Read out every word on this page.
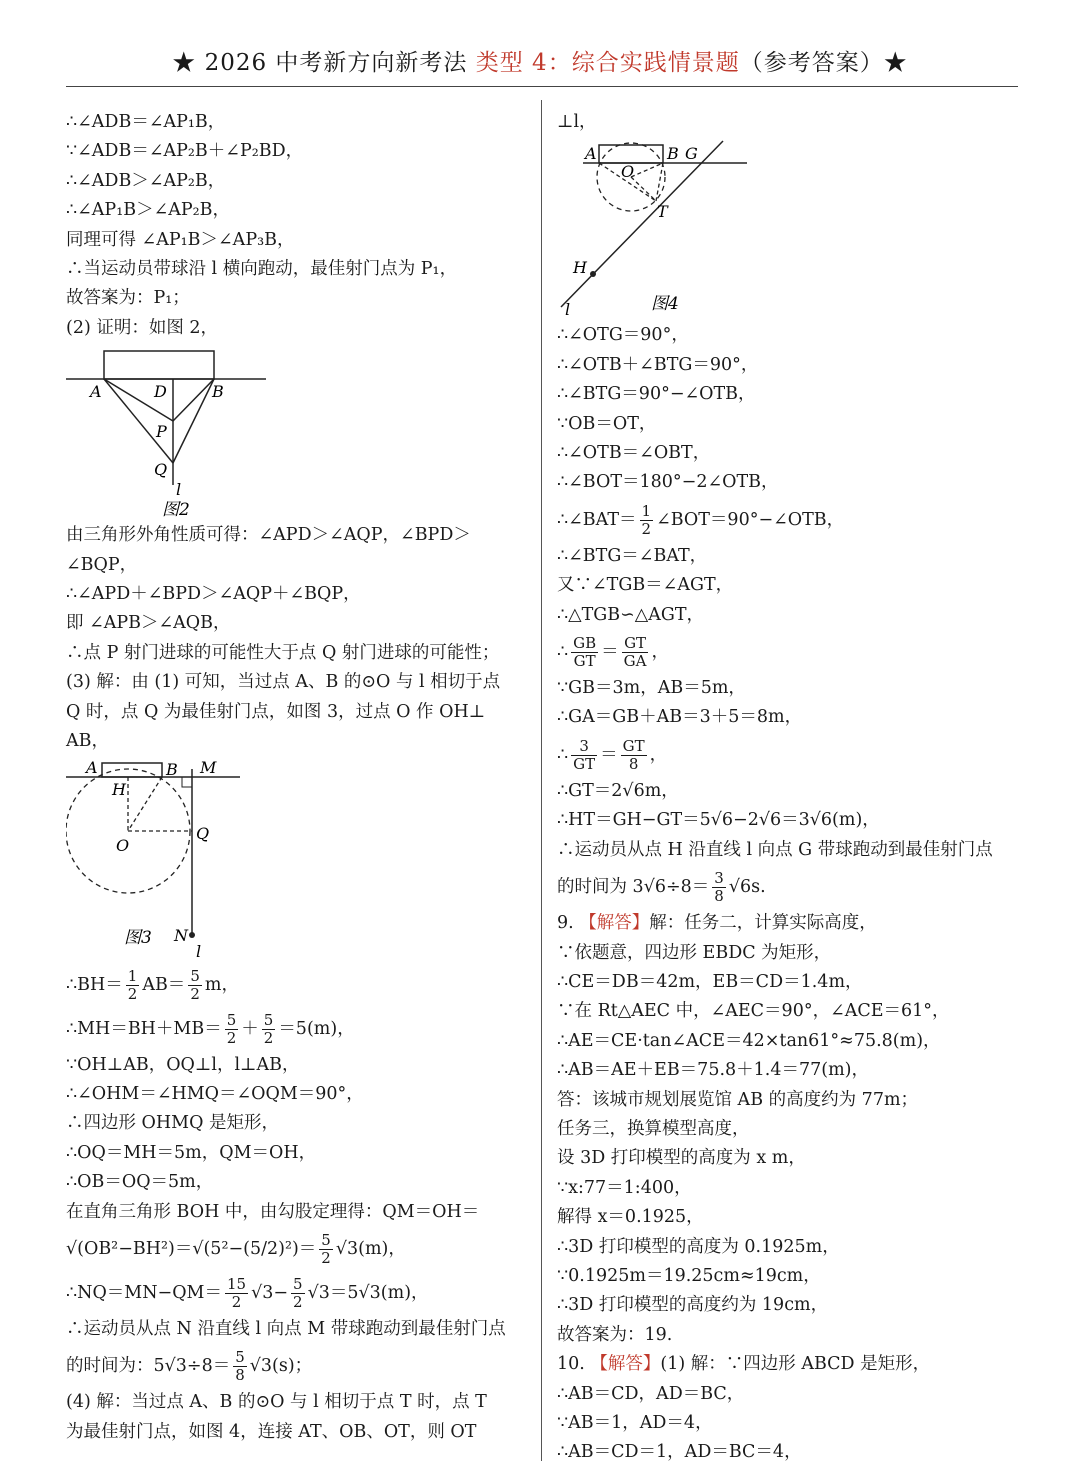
★ 2026 中考新方向新考法 类型 4：综合实践情景题（参考答案）★
∴∠ADB＝∠AP₁B，
∵∠ADB＝∠AP₂B＋∠P₂BD，
∴∠ADB＞∠AP₂B，
∴∠AP₁B＞∠AP₂B，
同理可得 ∠AP₁B＞∠AP₃B，
∴当运动员带球沿 l 横向跑动，最佳射门点为 P₁，
故答案为：P₁；
(2) 证明：如图 2，
A	D	B
P
Q
l
图2
由三角形外角性质可得：∠APD＞∠AQP，∠BPD＞
∠BQP，
∴∠APD＋∠BPD＞∠AQP＋∠BQP，
即 ∠APB＞∠AQB，
∴点 P 射门进球的可能性大于点 Q 射门进球的可能性；
(3) 解：由 (1) 可知，当过点 A、B 的⊙O 与 l 相切于点
Q 时，点 Q 为最佳射门点，如图 3，过点 O 作 OH⊥
AB，
A	B M
H
O
Q
N
l
图3
∴BH＝ $\frac{1}{2} AB= \frac{5}{2}$ m，
∴MH＝BH＋MB＝ $\frac{5}{2} + \frac{5}{2} =5(m)$，
∵OH⊥AB，OQ⊥l，l⊥AB，
∴∠OHM＝∠HMQ＝∠OQM＝90°，
∴四边形 OHMQ 是矩形，
∴OQ＝MH＝5m，QM＝OH，
∴OB＝OQ＝5m，
在直角三角形 BOH 中，由勾股定理得：QM＝OH＝
$√(OB^2-BH^2)=√(5^2-(5/2)^2)= \frac{5}{2} √3(m)$，
∴NQ＝MN−QM＝ $\frac{15}{2} √3- \frac{5}{2} √3=5√3(m)$，
∴运动员从点 N 沿直线 l 向点 M 带球跑动到最佳射门点
的时间为：$5√3\div 8= \frac{5}{8} √3(s)$；
(4) 解：当过点 A、B 的⊙O 与 l 相切于点 T 时，点 T
为最佳射门点，如图 4，连接 AT、OB、OT，则 OT
⊥l，
A	B G
O
T
H
l	图4
∴∠OTG＝90°，
∴∠OTB＋∠BTG＝90°，
∴∠BTG＝90°−∠OTB，
∵OB＝OT，
∴∠OTB＝∠OBT，
∴∠BOT＝180°−2∠OTB，
∴∠BAT＝ $\frac{1}{2}$ ∠BOT＝90°−∠OTB，
∴∠BTG＝∠BAT，
又∵∠TGB＝∠AGT，
∴△TGB∽△AGT，
∴ $\frac{GB}{GT} = \frac{GT}{GA}$ ，
∵GB＝3m，AB＝5m，
∴GA＝GB＋AB＝3＋5＝8m，
∴ $\frac{3}{GT} = \frac{GT}{8}$ ，
∴GT＝2√6m，
∴HT＝GH−GT＝5√6−2√6＝3√6(m)，
∴运动员从点 H 沿直线 l 向点 G 带球跑动到最佳射门点
的时间为 $3√6\div 8= \frac{3}{8} √6s$.
9. 【解答】解：任务二，计算实际高度，
∵依题意，四边形 EBDC 为矩形，
∴CE＝DB＝42m，EB＝CD＝1.4m，
∵在 Rt△AEC 中，∠AEC＝90°，∠ACE＝61°，
∴AE＝CE·tan∠ACE＝42×tan61°≈75.8(m)，
∴AB＝AE＋EB＝75.8＋1.4＝77(m)，
答：该城市规划展览馆 AB 的高度约为 77m；
任务三，换算模型高度，
设 3D 打印模型的高度为 x m，
∵x:77＝1:400，
解得 x＝0.1925，
∴3D 打印模型的高度为 0.1925m，
∵0.1925m＝19.25cm≈19cm，
∴3D 打印模型的高度约为 19cm，
故答案为：19.
10. 【解答】(1) 解：∵四边形 ABCD 是矩形，
∴AB＝CD，AD＝BC，
∵AB＝1，AD＝4，
∴AB＝CD＝1，AD＝BC＝4，
